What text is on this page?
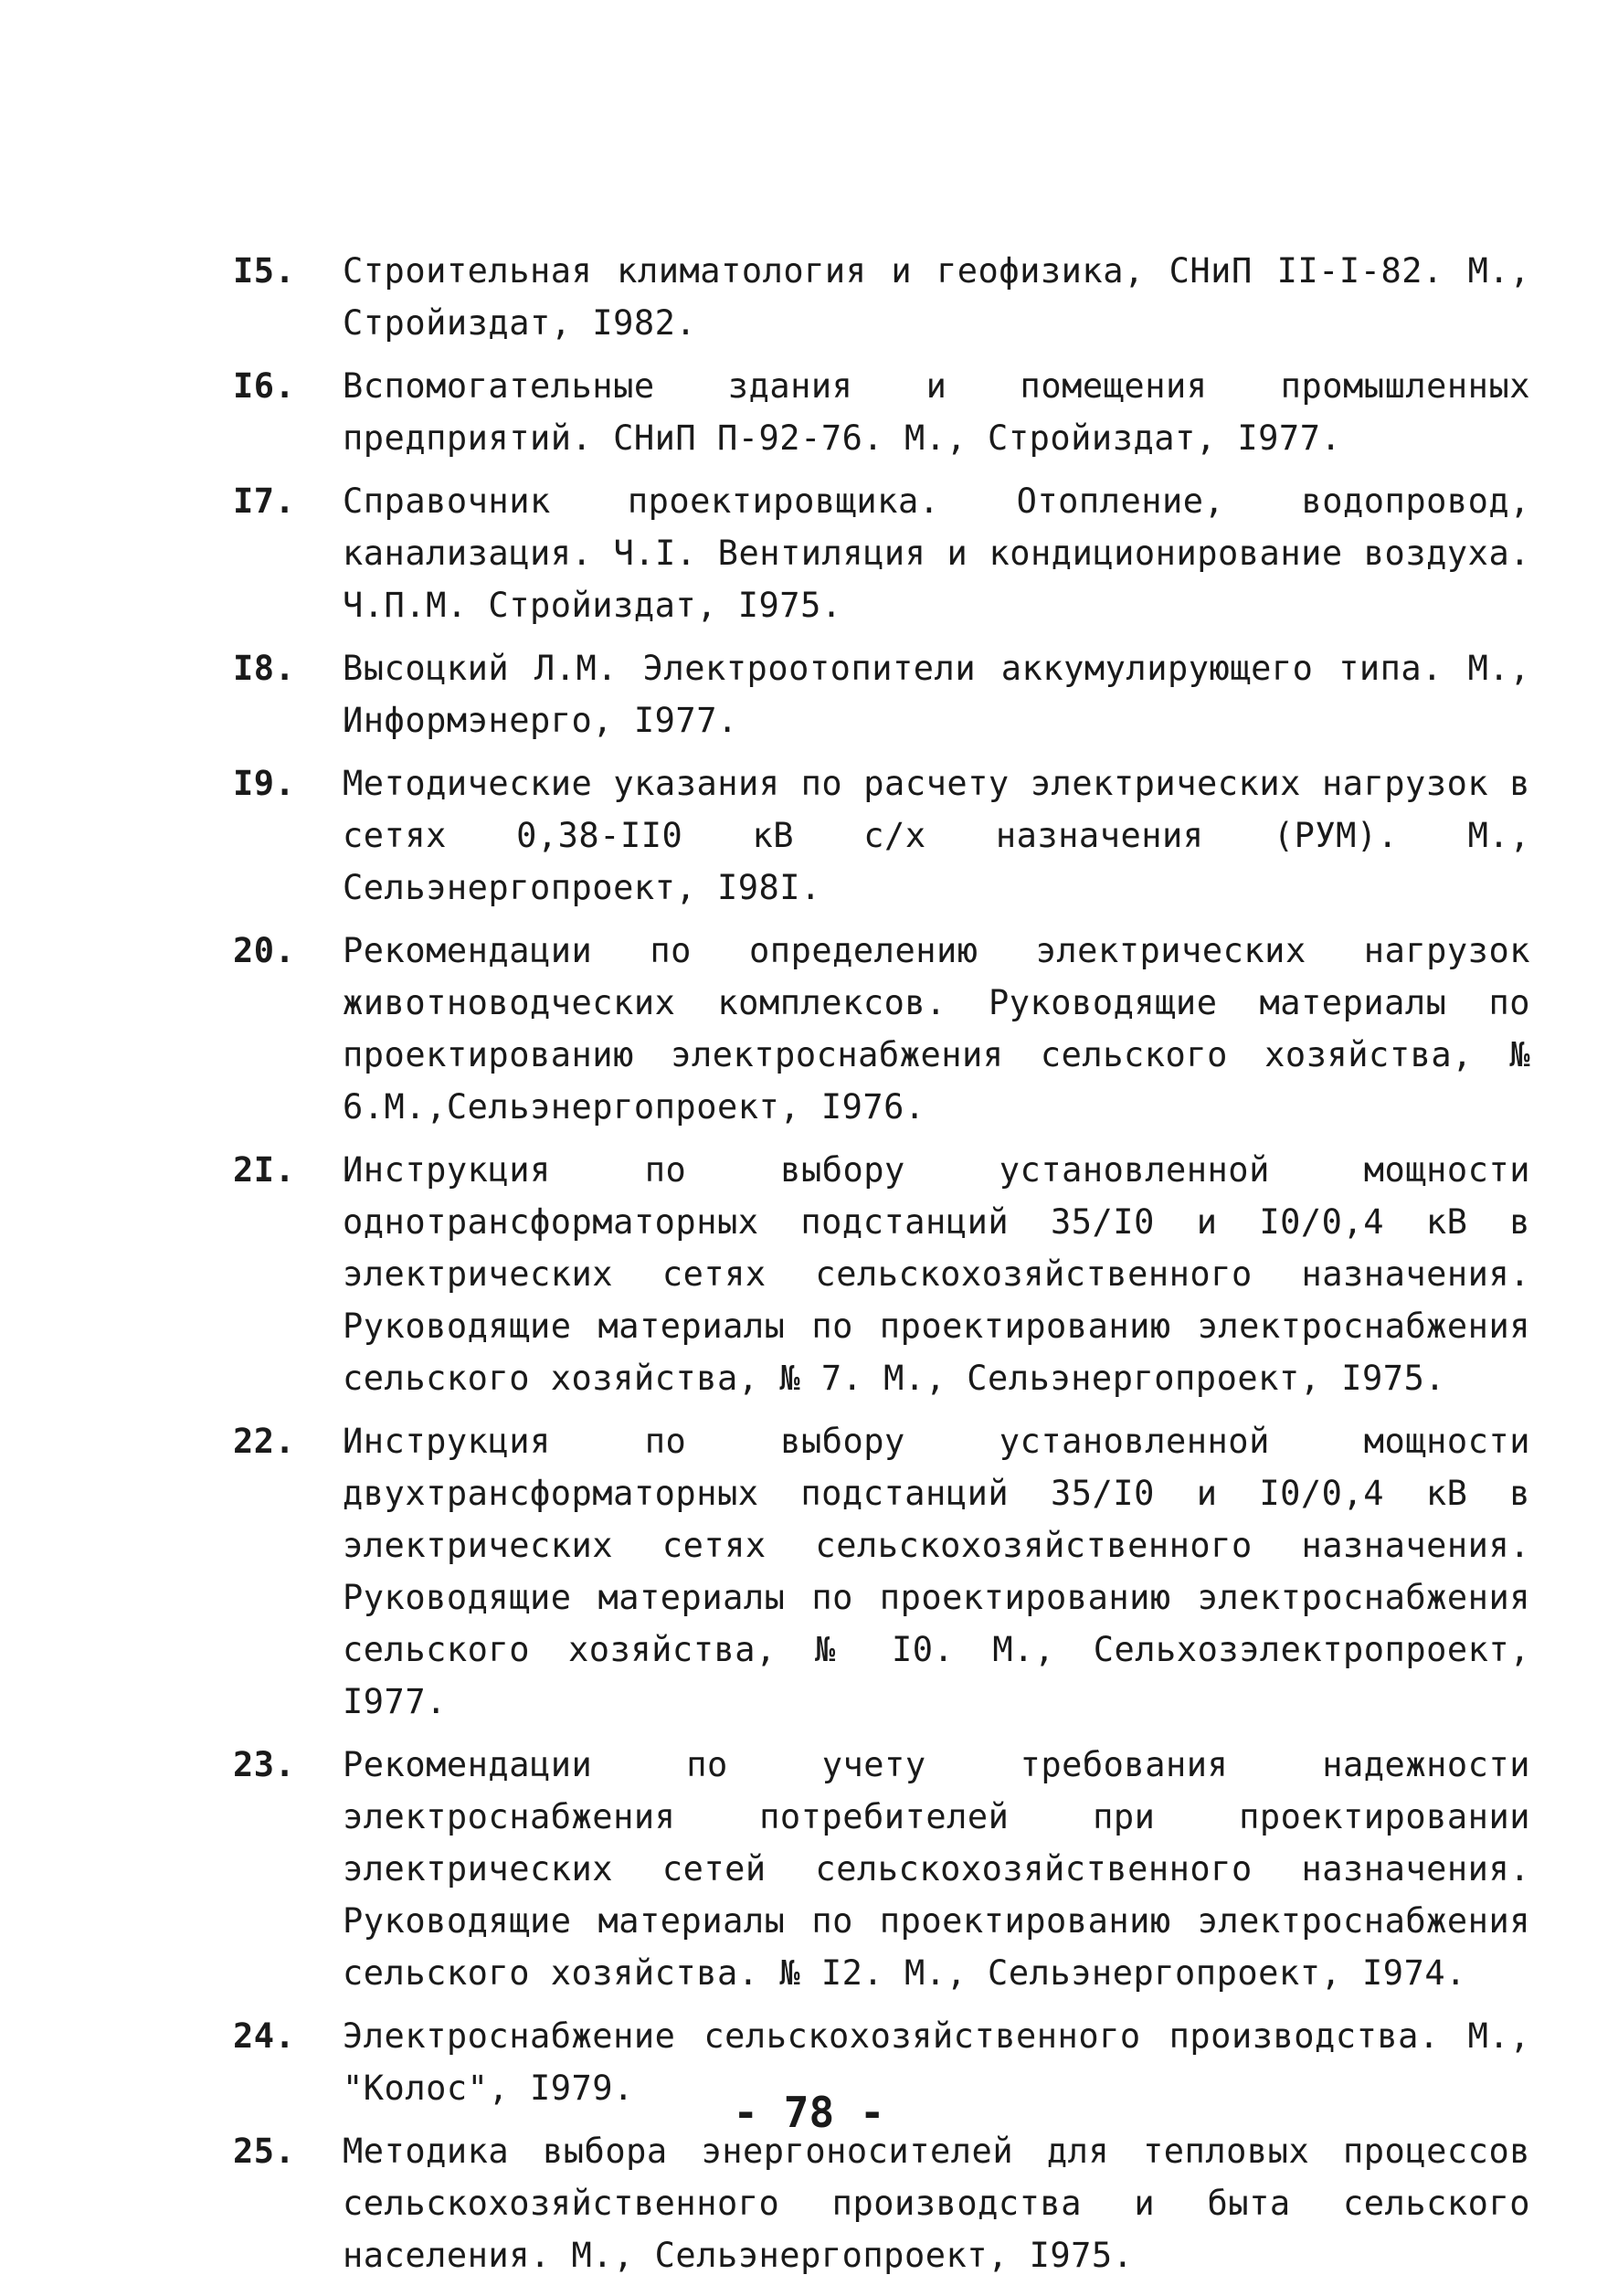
I5.	Строительная климатология и геофизика, СНиП II-I-82. М., Стройиздат, I982.
I6.	Вспомогательные здания и помещения промышленных предприятий. СНиП П-92-76. М., Стройиздат, I977.
I7.	Справочник проектировщика. Отопление, водопровод, канализация. Ч.I. Вентиляция и кондиционирование воздуха. Ч.П.М. Стройиздат, I975.
I8.	Высоцкий Л.М. Электроотопители аккумулирующего типа. М., Информэнерго, I977.
I9.	Методические указания по расчету электрических нагрузок в сетях 0,38-II0 кВ с/х назначения (РУМ). М., Сельэнергопроект, I98I.
20.	Рекомендации по определению электрических нагрузок животноводческих комплексов. Руководящие материалы по проектированию электроснабжения сельского хозяйства, № 6.М.,Сельэнергопроект, I976.
2I.	Инструкция по выбору установленной мощности однотрансформаторных подстанций 35/I0 и I0/0,4 кВ в электрических сетях сельскохозяйственного назначения. Руководящие материалы по проектированию электроснабжения сельского хозяйства, № 7. М., Сельэнергопроект, I975.
22.	Инструкция по выбору установленной мощности двухтрансформаторных подстанций 35/I0 и I0/0,4 кВ в электрических сетях сельскохозяйственного назначения. Руководящие материалы по проектированию электроснабжения сельского хозяйства, № I0. М., Сельхозэлектропроект, I977.
23.	Рекомендации по учету требования надежности электроснабжения потребителей при проектировании электрических сетей сельскохозяйственного назначения. Руководящие материалы по проектированию электроснабжения сельского хозяйства. № I2. М., Сельэнергопроект, I974.
24.	Электроснабжение сельскохозяйственного производства. М., "Колос", I979.
25.	Методика выбора энергоносителей для тепловых процессов сельскохозяйственного производства и быта сельского населения. М., Сельэнергопроект, I975.
- 78 -
